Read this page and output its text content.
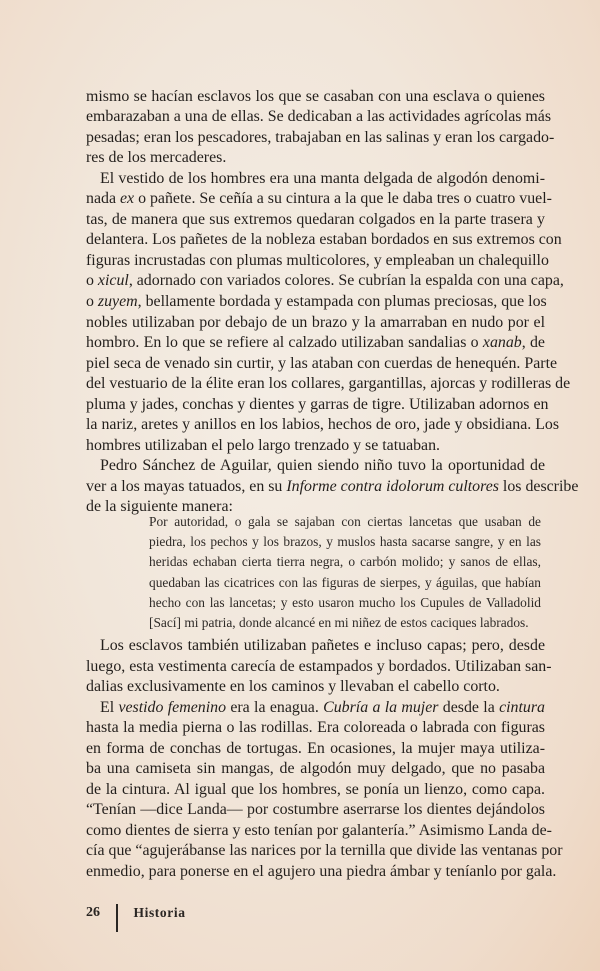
mismo se hacían esclavos los que se casaban con una esclava o quienes
embarazaban a una de ellas. Se dedicaban a las actividades agrícolas más
pesadas; eran los pescadores, trabajaban en las salinas y eran los cargado-
res de los mercaderes.
El vestido de los hombres era una manta delgada de algodón denomi-
nada ex o pañete. Se ceñía a su cintura a la que le daba tres o cuatro vuel-
tas, de manera que sus extremos quedaran colgados en la parte trasera y
delantera. Los pañetes de la nobleza estaban bordados en sus extremos con
figuras incrustadas con plumas multicolores, y empleaban un chalequillo
o xicul, adornado con variados colores. Se cubrían la espalda con una capa,
o zuyem, bellamente bordada y estampada con plumas preciosas, que los
nobles utilizaban por debajo de un brazo y la amarraban en nudo por el
hombro. En lo que se refiere al calzado utilizaban sandalias o xanab, de
piel seca de venado sin curtir, y las ataban con cuerdas de henequén. Parte
del vestuario de la élite eran los collares, gargantillas, ajorcas y rodilleras de
pluma y jades, conchas y dientes y garras de tigre. Utilizaban adornos en
la nariz, aretes y anillos en los labios, hechos de oro, jade y obsidiana. Los
hombres utilizaban el pelo largo trenzado y se tatuaban.
Pedro Sánchez de Aguilar, quien siendo niño tuvo la oportunidad de
ver a los mayas tatuados, en su Informe contra idolorum cultores los describe
de la siguiente manera:
Por autoridad, o gala se sajaban con ciertas lancetas que usaban de
piedra, los pechos y los brazos, y muslos hasta sacarse sangre, y en las
heridas echaban cierta tierra negra, o carbón molido; y sanos de ellas,
quedaban las cicatrices con las figuras de sierpes, y águilas, que habían
hecho con las lancetas; y esto usaron mucho los Cupules de Valladolid
[Sací] mi patria, donde alcancé en mi niñez de estos caciques labrados.
Los esclavos también utilizaban pañetes e incluso capas; pero, desde
luego, esta vestimenta carecía de estampados y bordados. Utilizaban san-
dalias exclusivamente en los caminos y llevaban el cabello corto.
El vestido femenino era la enagua. Cubría a la mujer desde la cintura
hasta la media pierna o las rodillas. Era coloreada o labrada con figuras
en forma de conchas de tortugas. En ocasiones, la mujer maya utiliza-
ba una camiseta sin mangas, de algodón muy delgado, que no pasaba
de la cintura. Al igual que los hombres, se ponía un lienzo, como capa.
“Tenían —dice Landa— por costumbre aserrarse los dientes dejándolos
como dientes de sierra y esto tenían por galantería.” Asimismo Landa de-
cía que “agujerábanse las narices por la ternilla que divide las ventanas por
enmedio, para ponerse en el agujero una piedra ámbar y teníanlo por gala.
26 Historia
